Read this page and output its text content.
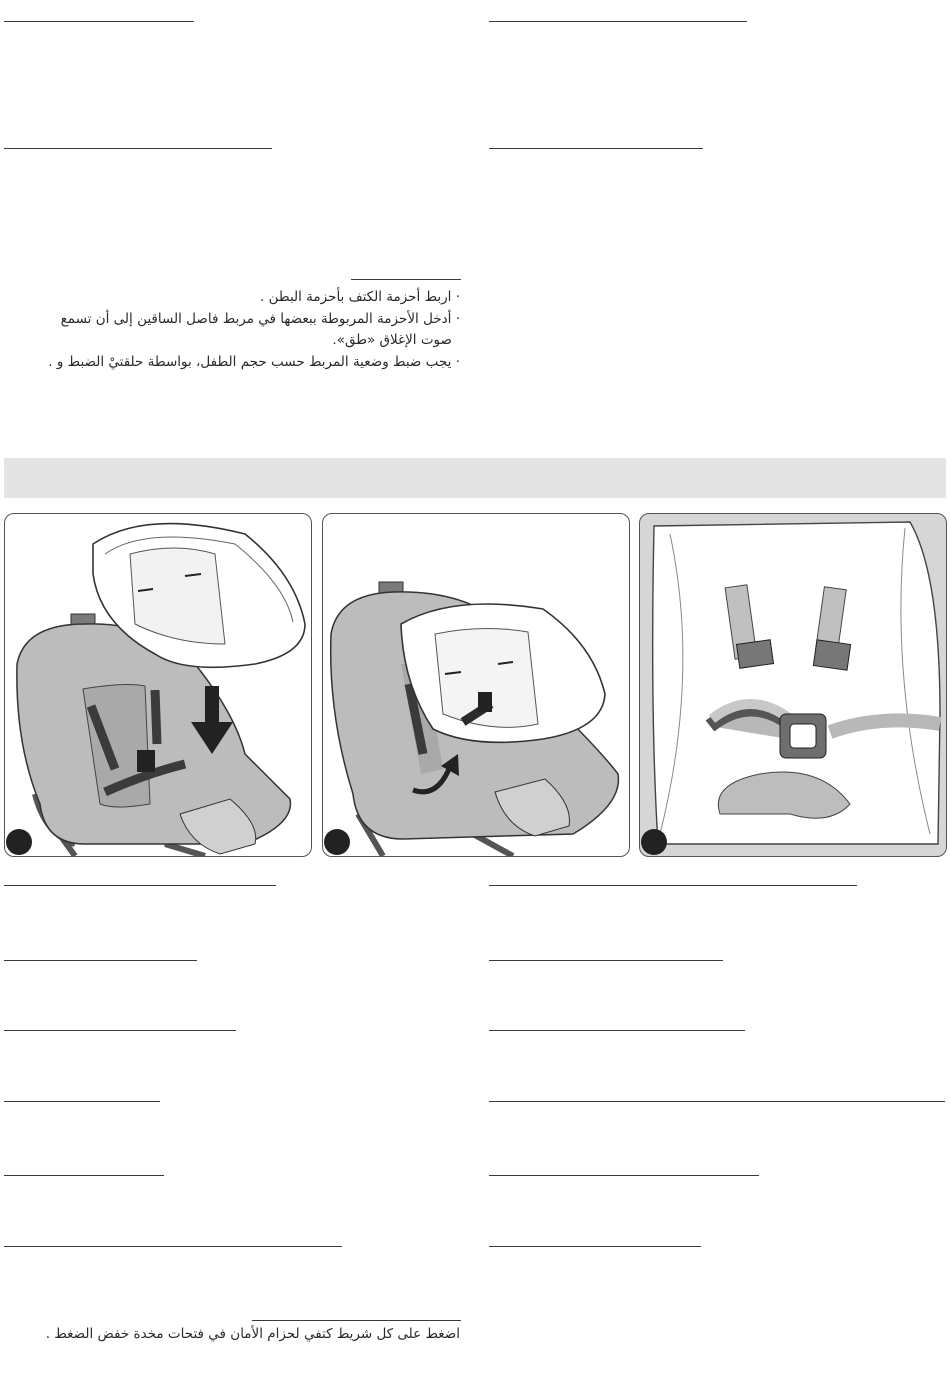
· اربط أحزمة الكتف بأحزمة البطن .
· أدخل الأحزمة المربوطة ببعضها في مربط فاصل الساقين إلى أن تسمع
صوت الإغلاق «طق».
· يجب ضبط وضعية المربط حسب حجم الطفل، بواسطة حلقتيْ الضبط و .
اضغط على كل شريط كتفي لحزام الأمان في فتحات مخدة خفض الضغط .
